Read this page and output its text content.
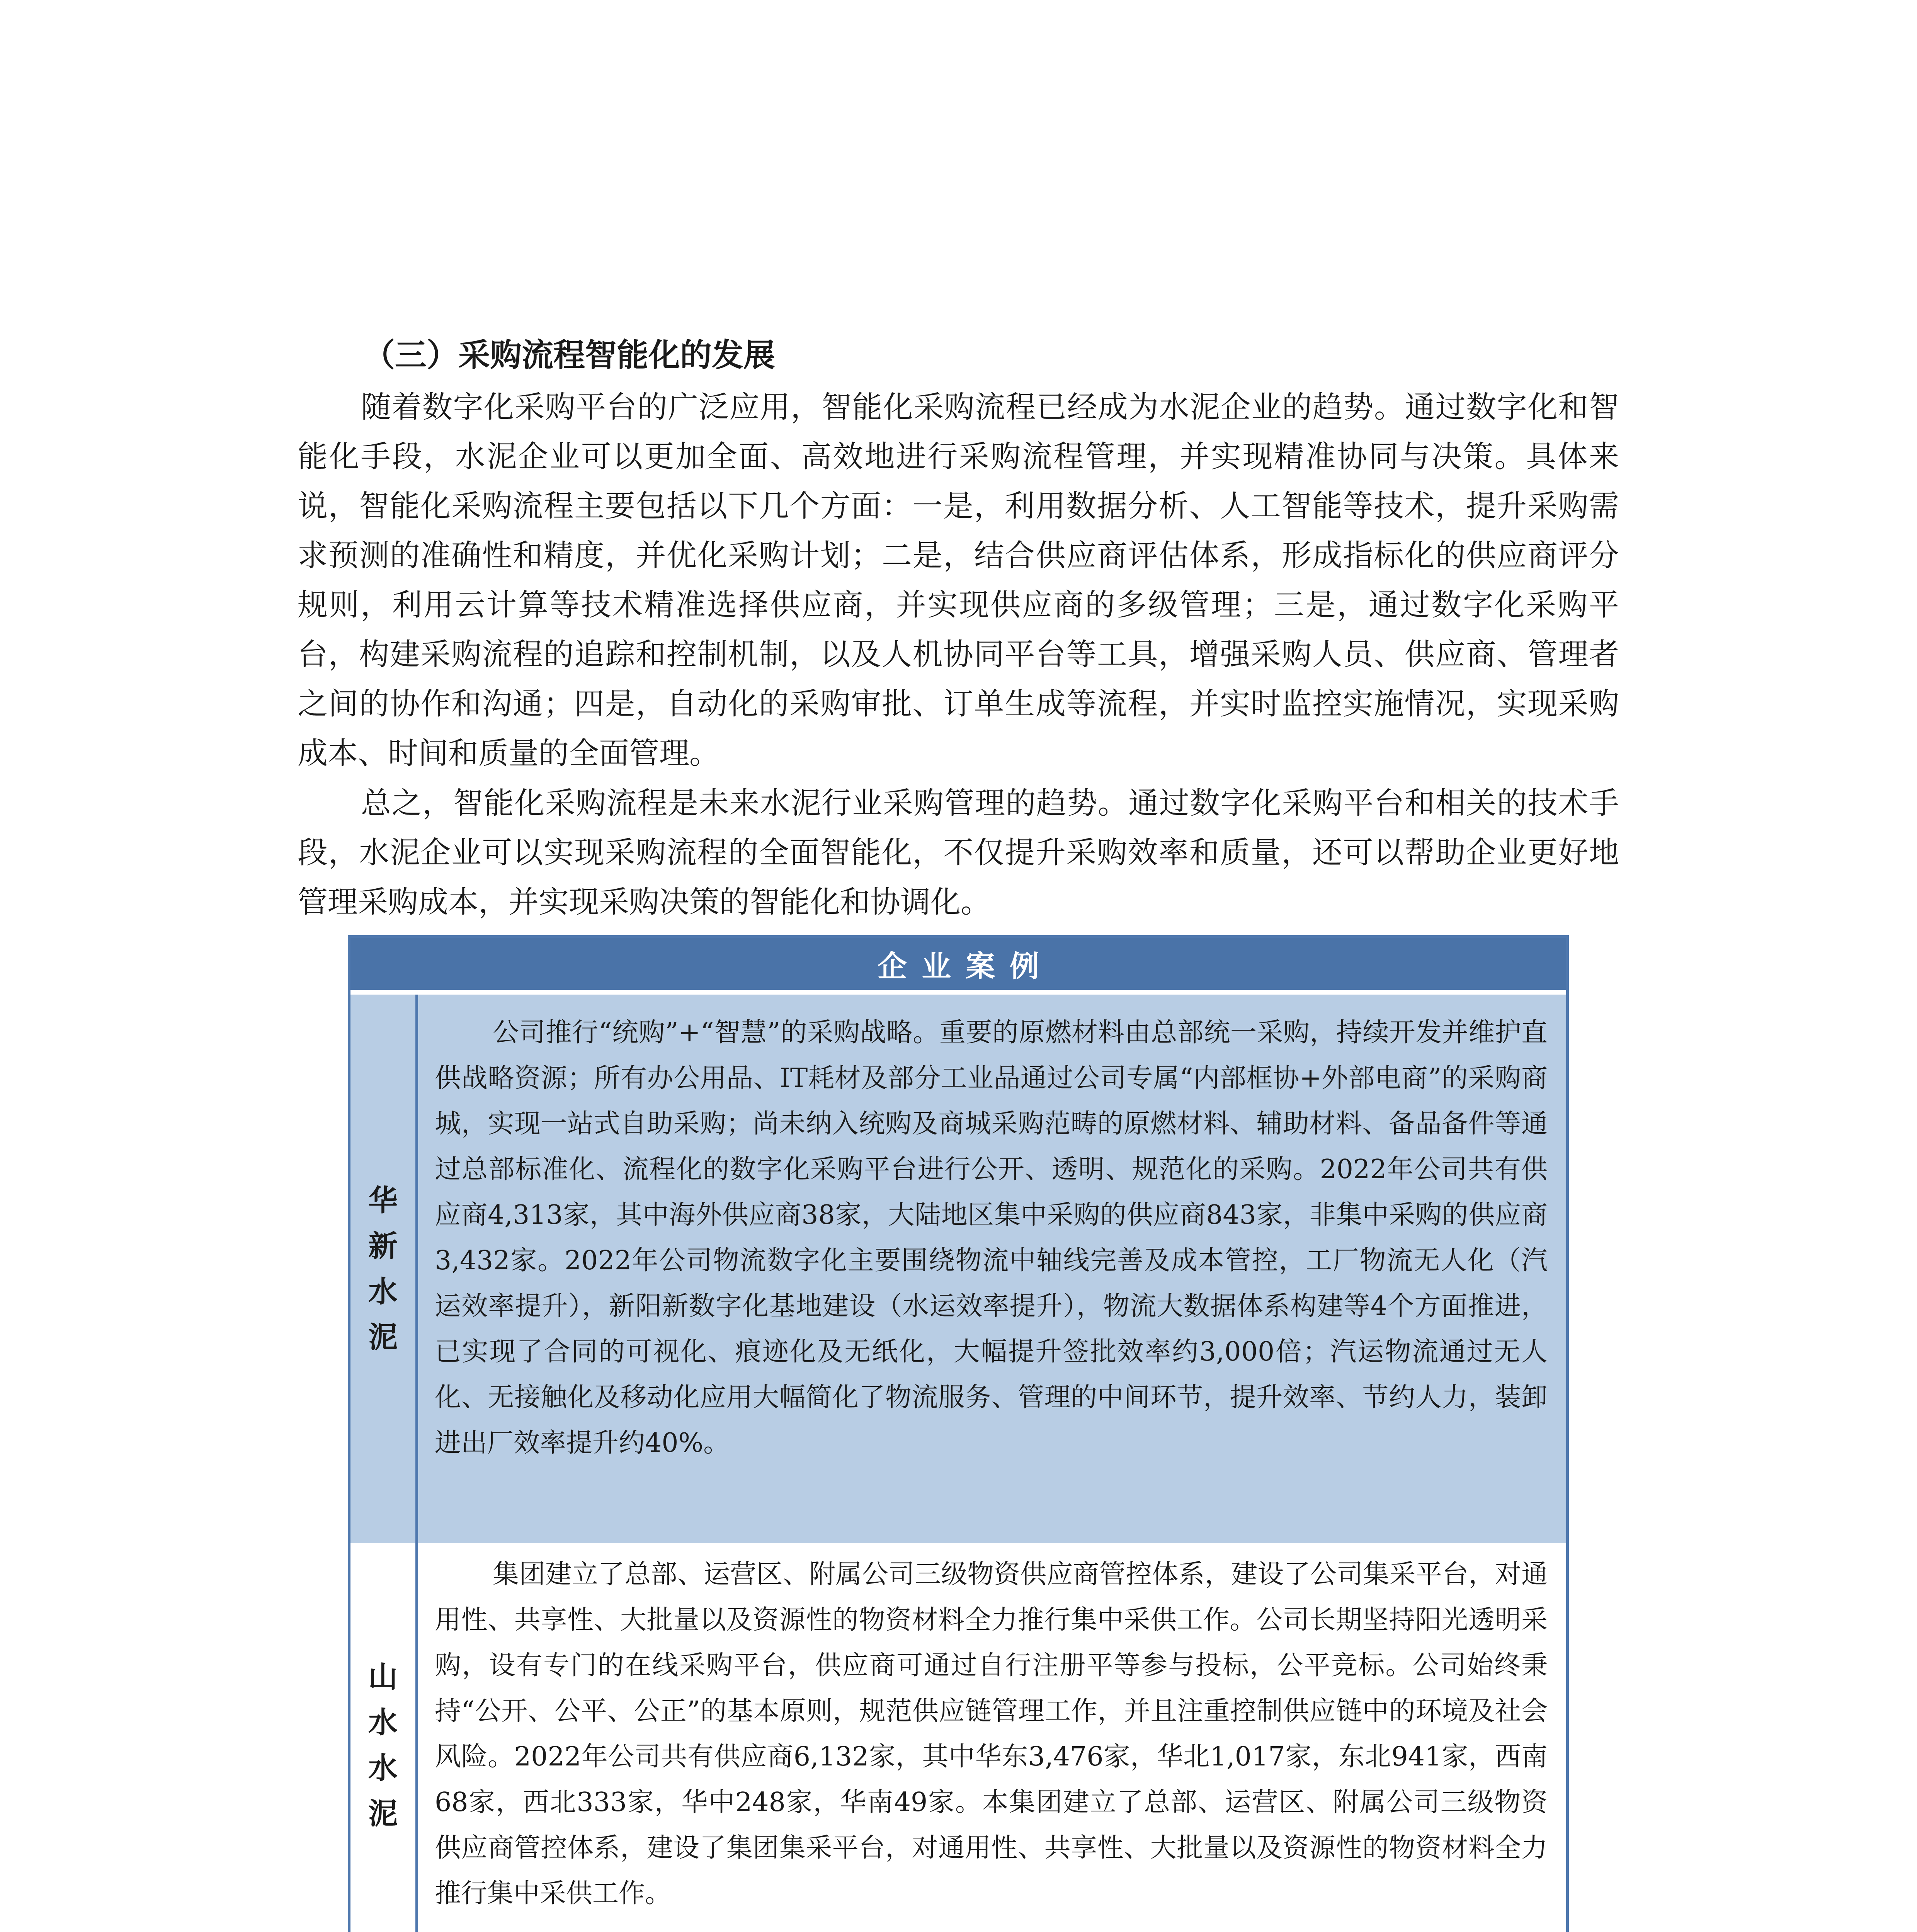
（三）采购流程智能化的发展

随着数字化采购平台的广泛应用，智能化采购流程已经成为水泥企业的趋势。通过数字化和智能化手段，水泥企业可以更加全面、高效地进行采购流程管理，并实现精准协同与决策。具体来说，智能化采购流程主要包括以下几个方面：一是，利用数据分析、人工智能等技术，提升采购需求预测的准确性和精度，并优化采购计划；二是，结合供应商评估体系，形成指标化的供应商评分规则，利用云计算等技术精准选择供应商，并实现供应商的多级管理；三是，通过数字化采购平台，构建采购流程的追踪和控制机制，以及人机协同平台等工具，增强采购人员、供应商、管理者之间的协作和沟通；四是，自动化的采购审批、订单生成等流程，并实时监控实施情况，实现采购成本、时间和质量的全面管理。

总之，智能化采购流程是未来水泥行业采购管理的趋势。通过数字化采购平台和相关的技术手段，水泥企业可以实现采购流程的全面智能化，不仅提升采购效率和质量，还可以帮助企业更好地管理采购成本，并实现采购决策的智能化和协调化。

企业案例
华新水泥

公司推行“统购”+“智慧”的采购战略。重要的原燃材料由总部统一采购，持续开发并维护直供战略资源；所有办公用品、IT耗材及部分工业品通过公司专属“内部框协+外部电商”的采购商城，实现一站式自助采购；尚未纳入统购及商城采购范畴的原燃材料、辅助材料、备品备件等通过总部标准化、流程化的数字化采购平台进行公开、透明、规范化的采购。2022年公司共有供应商4,313家，其中海外供应商38家，大陆地区集中采购的供应商843家，非集中采购的供应商3,432家。2022年公司物流数字化主要围绕物流中轴线完善及成本管控，工厂物流无人化（汽运效率提升），新阳新数字化基地建设（水运效率提升），物流大数据体系构建等4个方面推进，已实现了合同的可视化、痕迹化及无纸化，大幅提升签批效率约3,000倍；汽运物流通过无人化、无接触化及移动化应用大幅简化了物流服务、管理的中间环节，提升效率、节约人力，装卸进出厂效率提升约40%。

山水水泥

集团建立了总部、运营区、附属公司三级物资供应商管控体系，建设了公司集采平台，对通用性、共享性、大批量以及资源性的物资材料全力推行集中采供工作。公司长期坚持阳光透明采购，设有专门的在线采购平台，供应商可通过自行注册平等参与投标，公平竞标。公司始终秉持“公开、公平、公正”的基本原则，规范供应链管理工作，并且注重控制供应链中的环境及社会风险。2022年公司共有供应商6,132家，其中华东3,476家，华北1,017家，东北941家，西南68家，西北333家，华中248家，华南49家。本集团建立了总部、运营区、附属公司三级物资供应商管控体系，建设了集团集采平台，对通用性、共享性、大批量以及资源性的物资材料全力推行集中采供工作。
